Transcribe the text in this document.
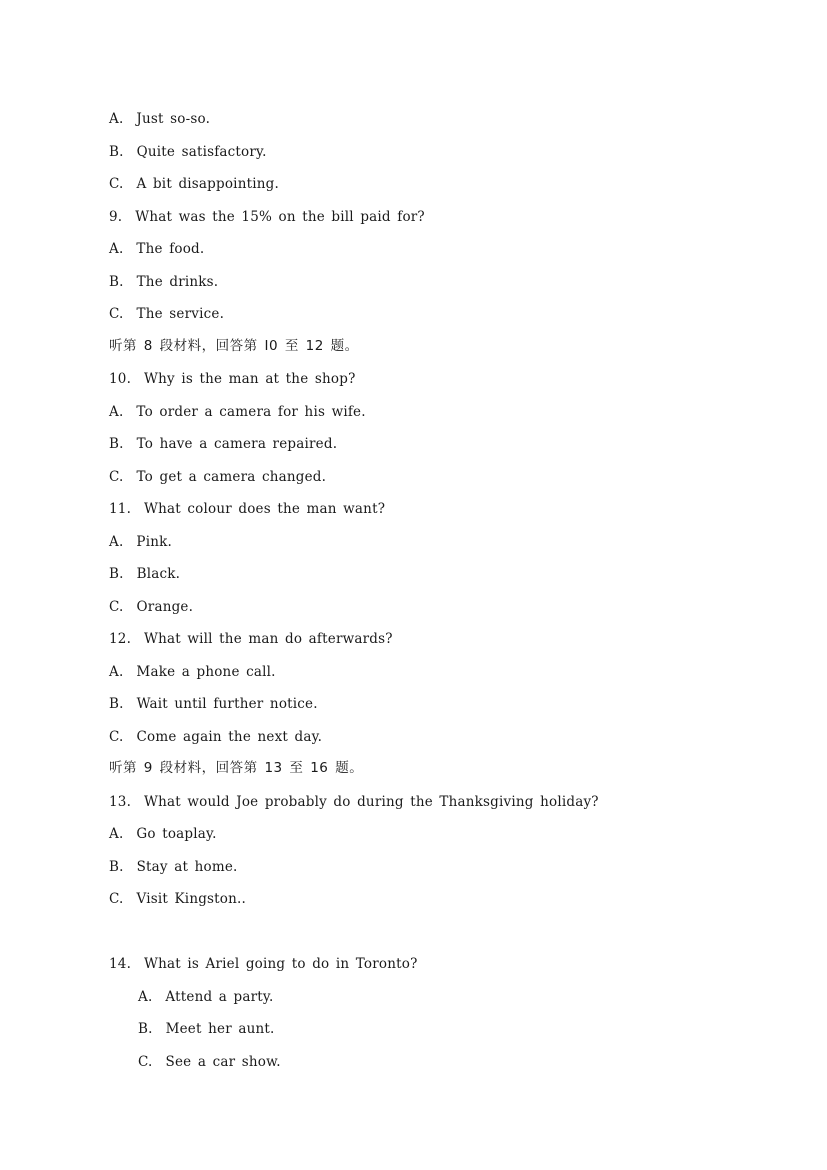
A.  Just so-so.
B.  Quite satisfactory.
C.  A bit disappointing.
9.  What was the 15% on the bill paid for?
A.  The food.
B.  The drinks.
C.  The service.
听第 8 段材料，回答第 I0 至 12 题。
10.  Why is the man at the shop?
A.  To order a camera for his wife.
B.  To have a camera repaired.
C.  To get a camera changed.
11.  What colour does the man want?
A.  Pink.
B.  Black.
C.  Orange.
12.  What will the man do afterwards?
A.  Make a phone call.
B.  Wait until further notice.
C.  Come again the next day.
听第 9 段材料，回答第 13 至 16 题。
13.  What would Joe probably do during the Thanksgiving holiday?
A.  Go toaplay.
B.  Stay at home.
C.  Visit Kingston..
14.  What is Ariel going to do in Toronto?
A.  Attend a party.
B.  Meet her aunt.
C.  See a car show.
